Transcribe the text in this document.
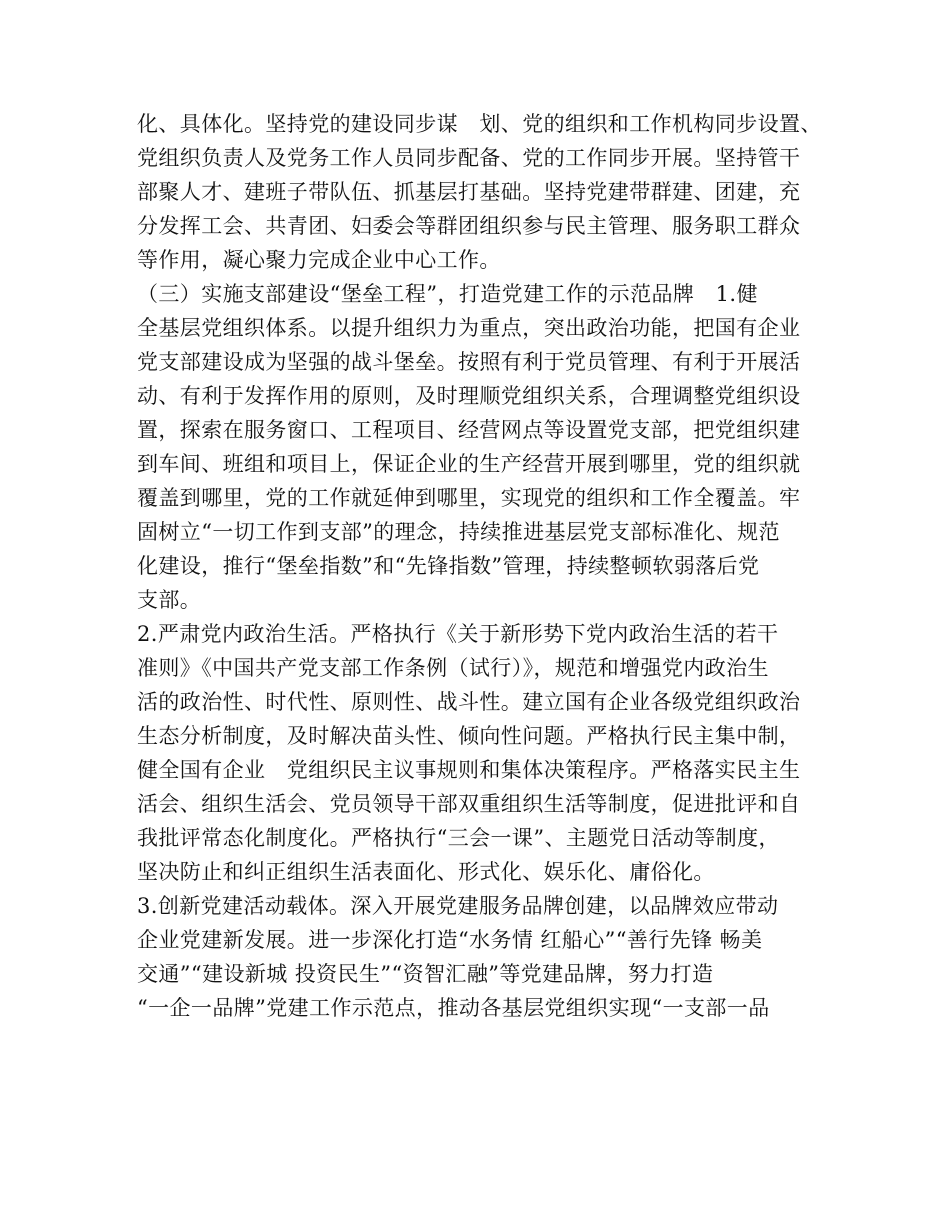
化、具体化。坚持党的建设同步谋　划、党的组织和工作机构同步设置、
党组织负责人及党务工作人员同步配备、党的工作同步开展。坚持管干
部聚人才、建班子带队伍、抓基层打基础。坚持党建带群建、团建，充
分发挥工会、共青团、妇委会等群团组织参与民主管理、服务职工群众
等作用，凝心聚力完成企业中心工作。
（三）实施支部建设“堡垒工程”，打造党建工作的示范品牌　1.健
全基层党组织体系。以提升组织力为重点，突出政治功能，把国有企业
党支部建设成为坚强的战斗堡垒。按照有利于党员管理、有利于开展活
动、有利于发挥作用的原则，及时理顺党组织关系，合理调整党组织设
置，探索在服务窗口、工程项目、经营网点等设置党支部，把党组织建
到车间、班组和项目上，保证企业的生产经营开展到哪里，党的组织就
覆盖到哪里，党的工作就延伸到哪里，实现党的组织和工作全覆盖。牢
固树立“一切工作到支部”的理念，持续推进基层党支部标准化、规范
化建设，推行“堡垒指数”和“先锋指数”管理，持续整顿软弱落后党
支部。
2.严肃党内政治生活。严格执行《关于新形势下党内政治生活的若干
准则》《中国共产党支部工作条例（试行）》，规范和增强党内政治生
活的政治性、时代性、原则性、战斗性。建立国有企业各级党组织政治
生态分析制度，及时解决苗头性、倾向性问题。严格执行民主集中制，
健全国有企业　党组织民主议事规则和集体决策程序。严格落实民主生
活会、组织生活会、党员领导干部双重组织生活等制度，促进批评和自
我批评常态化制度化。严格执行“三会一课”、主题党日活动等制度，
坚决防止和纠正组织生活表面化、形式化、娱乐化、庸俗化。
3.创新党建活动载体。深入开展党建服务品牌创建，以品牌效应带动
企业党建新发展。进一步深化打造“水务情 红船心”“善行先锋 畅美
交通”“建设新城 投资民生”“资智汇融”等党建品牌，努力打造
“一企一品牌”党建工作示范点，推动各基层党组织实现“一支部一品
